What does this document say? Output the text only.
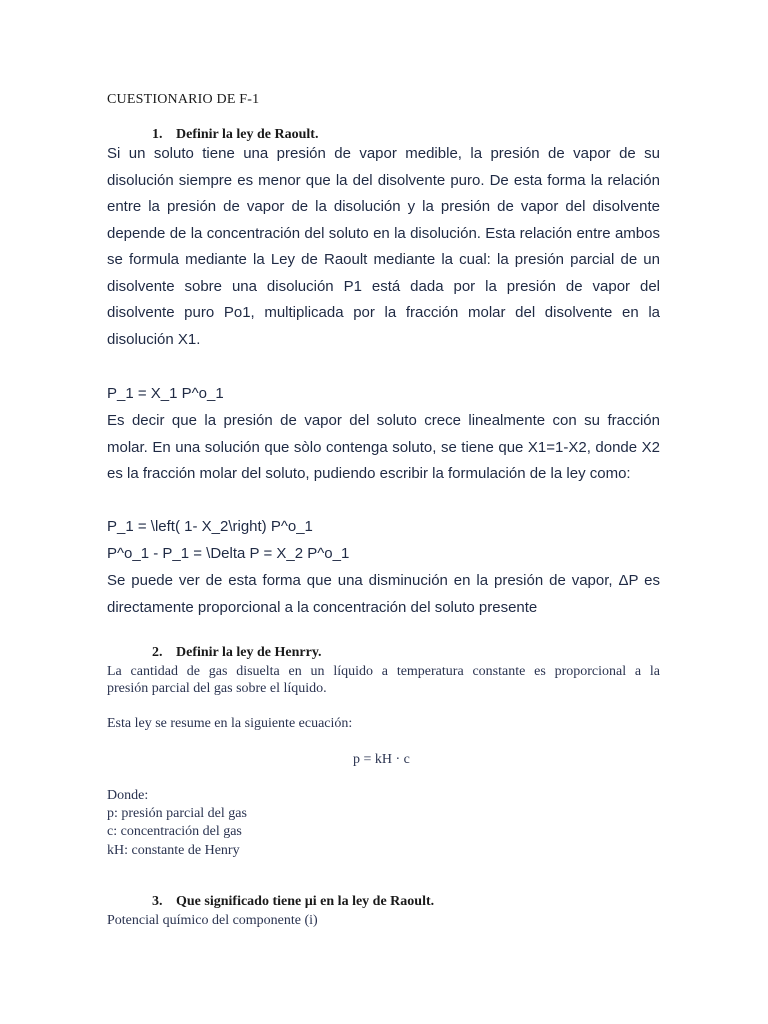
CUESTIONARIO DE F-1
1. Definir la ley de Raoult.
Si un soluto tiene una presión de vapor medible, la presión de vapor de su
disolución siempre es menor que la del disolvente puro. De esta forma la relación
entre la presión de vapor de la disolución y la presión de vapor del disolvente
depende de la concentración del soluto en la disolución. Esta relación entre ambos
se formula mediante la Ley de Raoult mediante la cual: la presión parcial de un
disolvente sobre una disolución P1 está dada por la presión de vapor del
disolvente puro Po1, multiplicada por la fracción molar del disolvente en la
disolución X1.
P_1 = X_1 P^o_1
Es decir que la presión de vapor del soluto crece linealmente con su fracción
molar. En una solución que sòlo contenga soluto, se tiene que X1=1-X2, donde X2
es la fracción molar del soluto, pudiendo escribir la formulación de la ley como:
P_1 = \left( 1- X_2\right) P^o_1
P^o_1 - P_1 = \Delta P = X_2 P^o_1
Se puede ver de esta forma que una disminución en la presión de vapor, ΔP es
directamente proporcional a la concentración del soluto presente
2. Definir la ley de Henrry.
La cantidad de gas disuelta en un líquido a temperatura constante es proporcional a la
presión parcial del gas sobre el líquido.
Esta ley se resume en la siguiente ecuación:
p = kH · c
Donde:
p: presión parcial del gas
c: concentración del gas
kH: constante de Henry
3. Que significado tiene µi en la ley de Raoult.
Potencial químico del componente (i)
